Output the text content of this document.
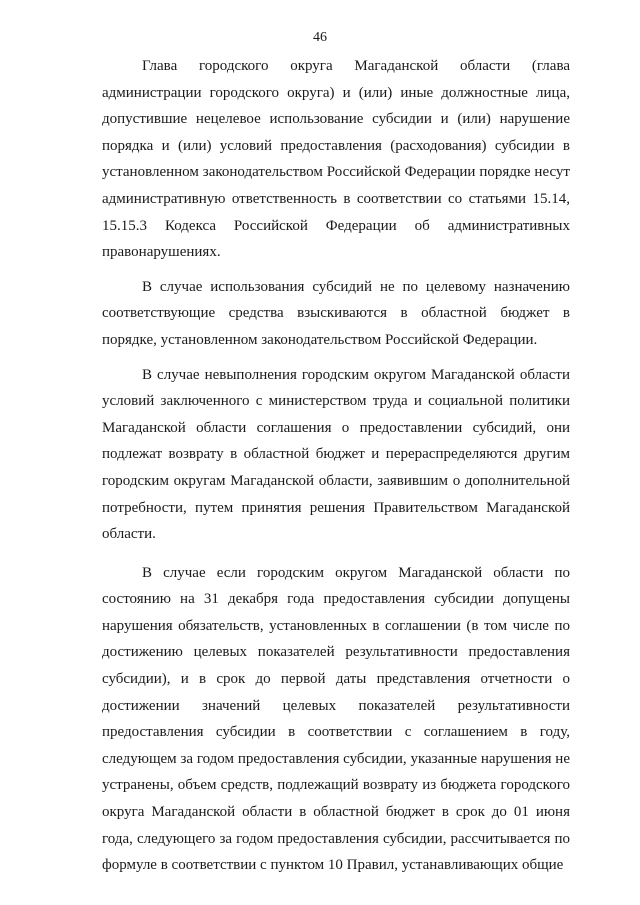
46

Глава городского округа Магаданской области (глава администрации городского округа) и (или) иные должностные лица, допустившие нецелевое использование субсидии и (или) нарушение порядка и (или) условий предоставления (расходования) субсидии в установленном законодательством Российской Федерации порядке несут административную ответственность в соответствии со статьями 15.14, 15.15.3 Кодекса Российской Федерации об административных правонарушениях.

В случае использования субсидий не по целевому назначению соответствующие средства взыскиваются в областной бюджет в порядке, установленном законодательством Российской Федерации.

В случае невыполнения городским округом Магаданской области условий заключенного с министерством труда и социальной политики Магаданской области соглашения о предоставлении субсидий, они подлежат возврату в областной бюджет и перераспределяются другим городским округам Магаданской области, заявившим о дополнительной потребности, путем принятия решения Правительством Магаданской области.

В случае если городским округом Магаданской области по состоянию на 31 декабря года предоставления субсидии допущены нарушения обязательств, установленных в соглашении (в том числе по достижению целевых показателей результативности предоставления субсидии), и в срок до первой даты представления отчетности о достижении значений целевых показателей результативности предоставления субсидии в соответствии с соглашением в году, следующем за годом предоставления субсидии, указанные нарушения не устранены, объем средств, подлежащий возврату из бюджета городского округа Магаданской области в областной бюджет в срок до 01 июня года, следующего за годом предоставления субсидии, рассчитывается по формуле в соответствии с пунктом 10 Правил, устанавливающих общие
